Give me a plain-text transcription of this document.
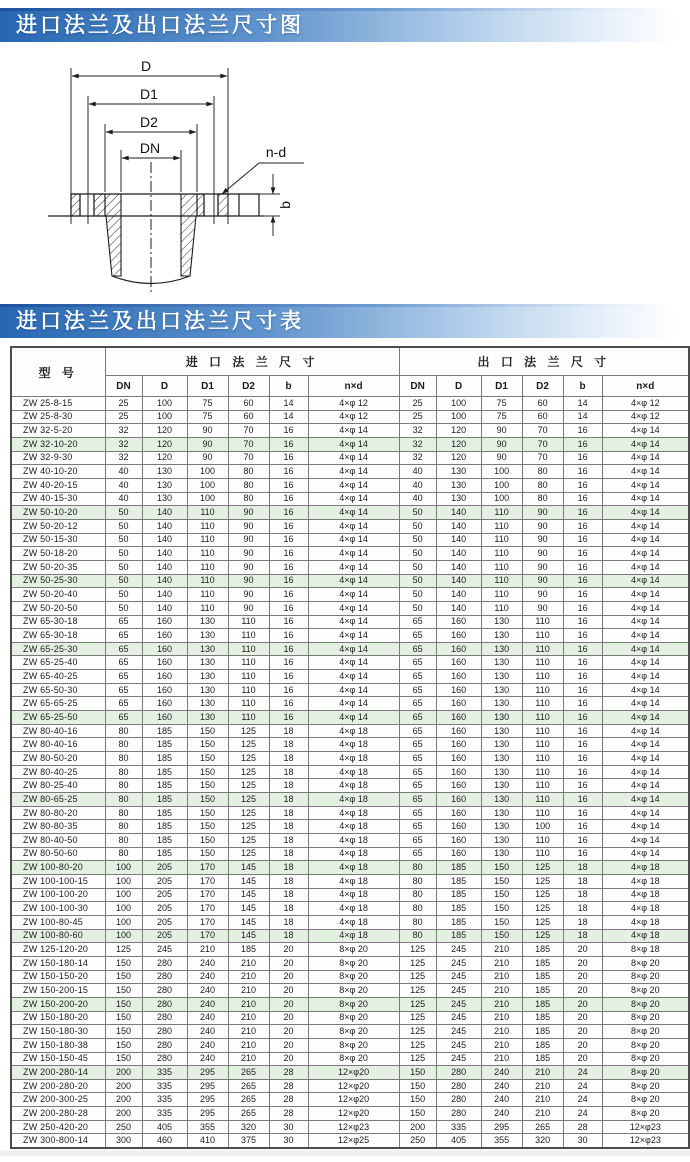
进口法兰及出口法兰尺寸图
D
D1
D2
DN	n-d
b
进口法兰及出口法兰尺寸表
型 号	进 口 法 兰 尺 寸						出 口 法 兰 尺 寸					
	DN	D	D1	D2	b	n×d	DN	D	D1	D2	b	n×d
ZW 25-8-15	25	100	75	60	14	4×φ 12	25	100	75	60	14	4×φ 12
ZW 25-8-30	25	100	75	60	14	4×φ 12	25	100	75	60	14	4×φ 12
ZW 32-5-20	32	120	90	70	16	4×φ 14	32	120	90	70	16	4×φ 14
ZW 32-10-20	32	120	90	70	16	4×φ 14	32	120	90	70	16	4×φ 14
ZW 32-9-30	32	120	90	70	16	4×φ 14	32	120	90	70	16	4×φ 14
ZW 40-10-20	40	130	100	80	16	4×φ 14	40	130	100	80	16	4×φ 14
ZW 40-20-15	40	130	100	80	16	4×φ 14	40	130	100	80	16	4×φ 14
ZW 40-15-30	40	130	100	80	16	4×φ 14	40	130	100	80	16	4×φ 14
ZW 50-10-20	50	140	110	90	16	4×φ 14	50	140	110	90	16	4×φ 14
ZW 50-20-12	50	140	110	90	16	4×φ 14	50	140	110	90	16	4×φ 14
ZW 50-15-30	50	140	110	90	16	4×φ 14	50	140	110	90	16	4×φ 14
ZW 50-18-20	50	140	110	90	16	4×φ 14	50	140	110	90	16	4×φ 14
ZW 50-20-35	50	140	110	90	16	4×φ 14	50	140	110	90	16	4×φ 14
ZW 50-25-30	50	140	110	90	16	4×φ 14	50	140	110	90	16	4×φ 14
ZW 50-20-40	50	140	110	90	16	4×φ 14	50	140	110	90	16	4×φ 14
ZW 50-20-50	50	140	110	90	16	4×φ 14	50	140	110	90	16	4×φ 14
ZW 65-30-18	65	160	130	110	16	4×φ 14	65	160	130	110	16	4×φ 14
ZW 65-30-18	65	160	130	110	16	4×φ 14	65	160	130	110	16	4×φ 14
ZW 65-25-30	65	160	130	110	16	4×φ 14	65	160	130	110	16	4×φ 14
ZW 65-25-40	65	160	130	110	16	4×φ 14	65	160	130	110	16	4×φ 14
ZW 65-40-25	65	160	130	110	16	4×φ 14	65	160	130	110	16	4×φ 14
ZW 65-50-30	65	160	130	110	16	4×φ 14	65	160	130	110	16	4×φ 14
ZW 65-65-25	65	160	130	110	16	4×φ 14	65	160	130	110	16	4×φ 14
ZW 65-25-50	65	160	130	110	16	4×φ 14	65	160	130	110	16	4×φ 14
ZW 80-40-16	80	185	150	125	18	4×φ 18	65	160	130	110	16	4×φ 14
ZW 80-40-16	80	185	150	125	18	4×φ 18	65	160	130	110	16	4×φ 14
ZW 80-50-20	80	185	150	125	18	4×φ 18	65	160	130	110	16	4×φ 14
ZW 80-40-25	80	185	150	125	18	4×φ 18	65	160	130	110	16	4×φ 14
ZW 80-25-40	80	185	150	125	18	4×φ 18	65	160	130	110	16	4×φ 14
ZW 80-65-25	80	185	150	125	18	4×φ 18	65	160	130	110	16	4×φ 14
ZW 80-80-20	80	185	150	125	18	4×φ 18	65	160	130	110	16	4×φ 14
ZW 80-80-35	80	185	150	125	18	4×φ 18	65	160	130	100	16	4×φ 14
ZW 80-40-50	80	185	150	125	18	4×φ 18	65	160	130	110	16	4×φ 14
ZW 80-50-60	80	185	150	125	18	4×φ 18	65	160	130	110	16	4×φ 14
ZW 100-80-20	100	205	170	145	18	4×φ 18	80	185	150	125	18	4×φ 18
ZW 100-100-15	100	205	170	145	18	4×φ 18	80	185	150	125	18	4×φ 18
ZW 100-100-20	100	205	170	145	18	4×φ 18	80	185	150	125	18	4×φ 18
ZW 100-100-30	100	205	170	145	18	4×φ 18	80	185	150	125	18	4×φ 18
ZW 100-80-45	100	205	170	145	18	4×φ 18	80	185	150	125	18	4×φ 18
ZW 100-80-60	100	205	170	145	18	4×φ 18	80	185	150	125	18	4×φ 18
ZW 125-120-20	125	245	210	185	20	8×φ 20	125	245	210	185	20	8×φ 18
ZW 150-180-14	150	280	240	210	20	8×φ 20	125	245	210	185	20	8×φ 20
ZW 150-150-20	150	280	240	210	20	8×φ 20	125	245	210	185	20	8×φ 20
ZW 150-200-15	150	280	240	210	20	8×φ 20	125	245	210	185	20	8×φ 20
ZW 150-200-20	150	280	240	210	20	8×φ 20	125	245	210	185	20	8×φ 20
ZW 150-180-20	150	280	240	210	20	8×φ 20	125	245	210	185	20	8×φ 20
ZW 150-180-30	150	280	240	210	20	8×φ 20	125	245	210	185	20	8×φ 20
ZW 150-180-38	150	280	240	210	20	8×φ 20	125	245	210	185	20	8×φ 20
ZW 150-150-45	150	280	240	210	20	8×φ 20	125	245	210	185	20	8×φ 20
ZW 200-280-14	200	335	295	265	28	12×φ20	150	280	240	210	24	8×φ 20
ZW 200-280-20	200	335	295	265	28	12×φ20	150	280	240	210	24	8×φ 20
ZW 200-300-25	200	335	295	265	28	12×φ20	150	280	240	210	24	8×φ 20
ZW 200-280-28	200	335	295	265	28	12×φ20	150	280	240	210	24	8×φ 20
ZW 250-420-20	250	405	355	320	30	12×φ23	200	335	295	265	28	12×φ23
ZW 300-800-14	300	460	410	375	30	12×φ25	250	405	355	320	30	12×φ23
